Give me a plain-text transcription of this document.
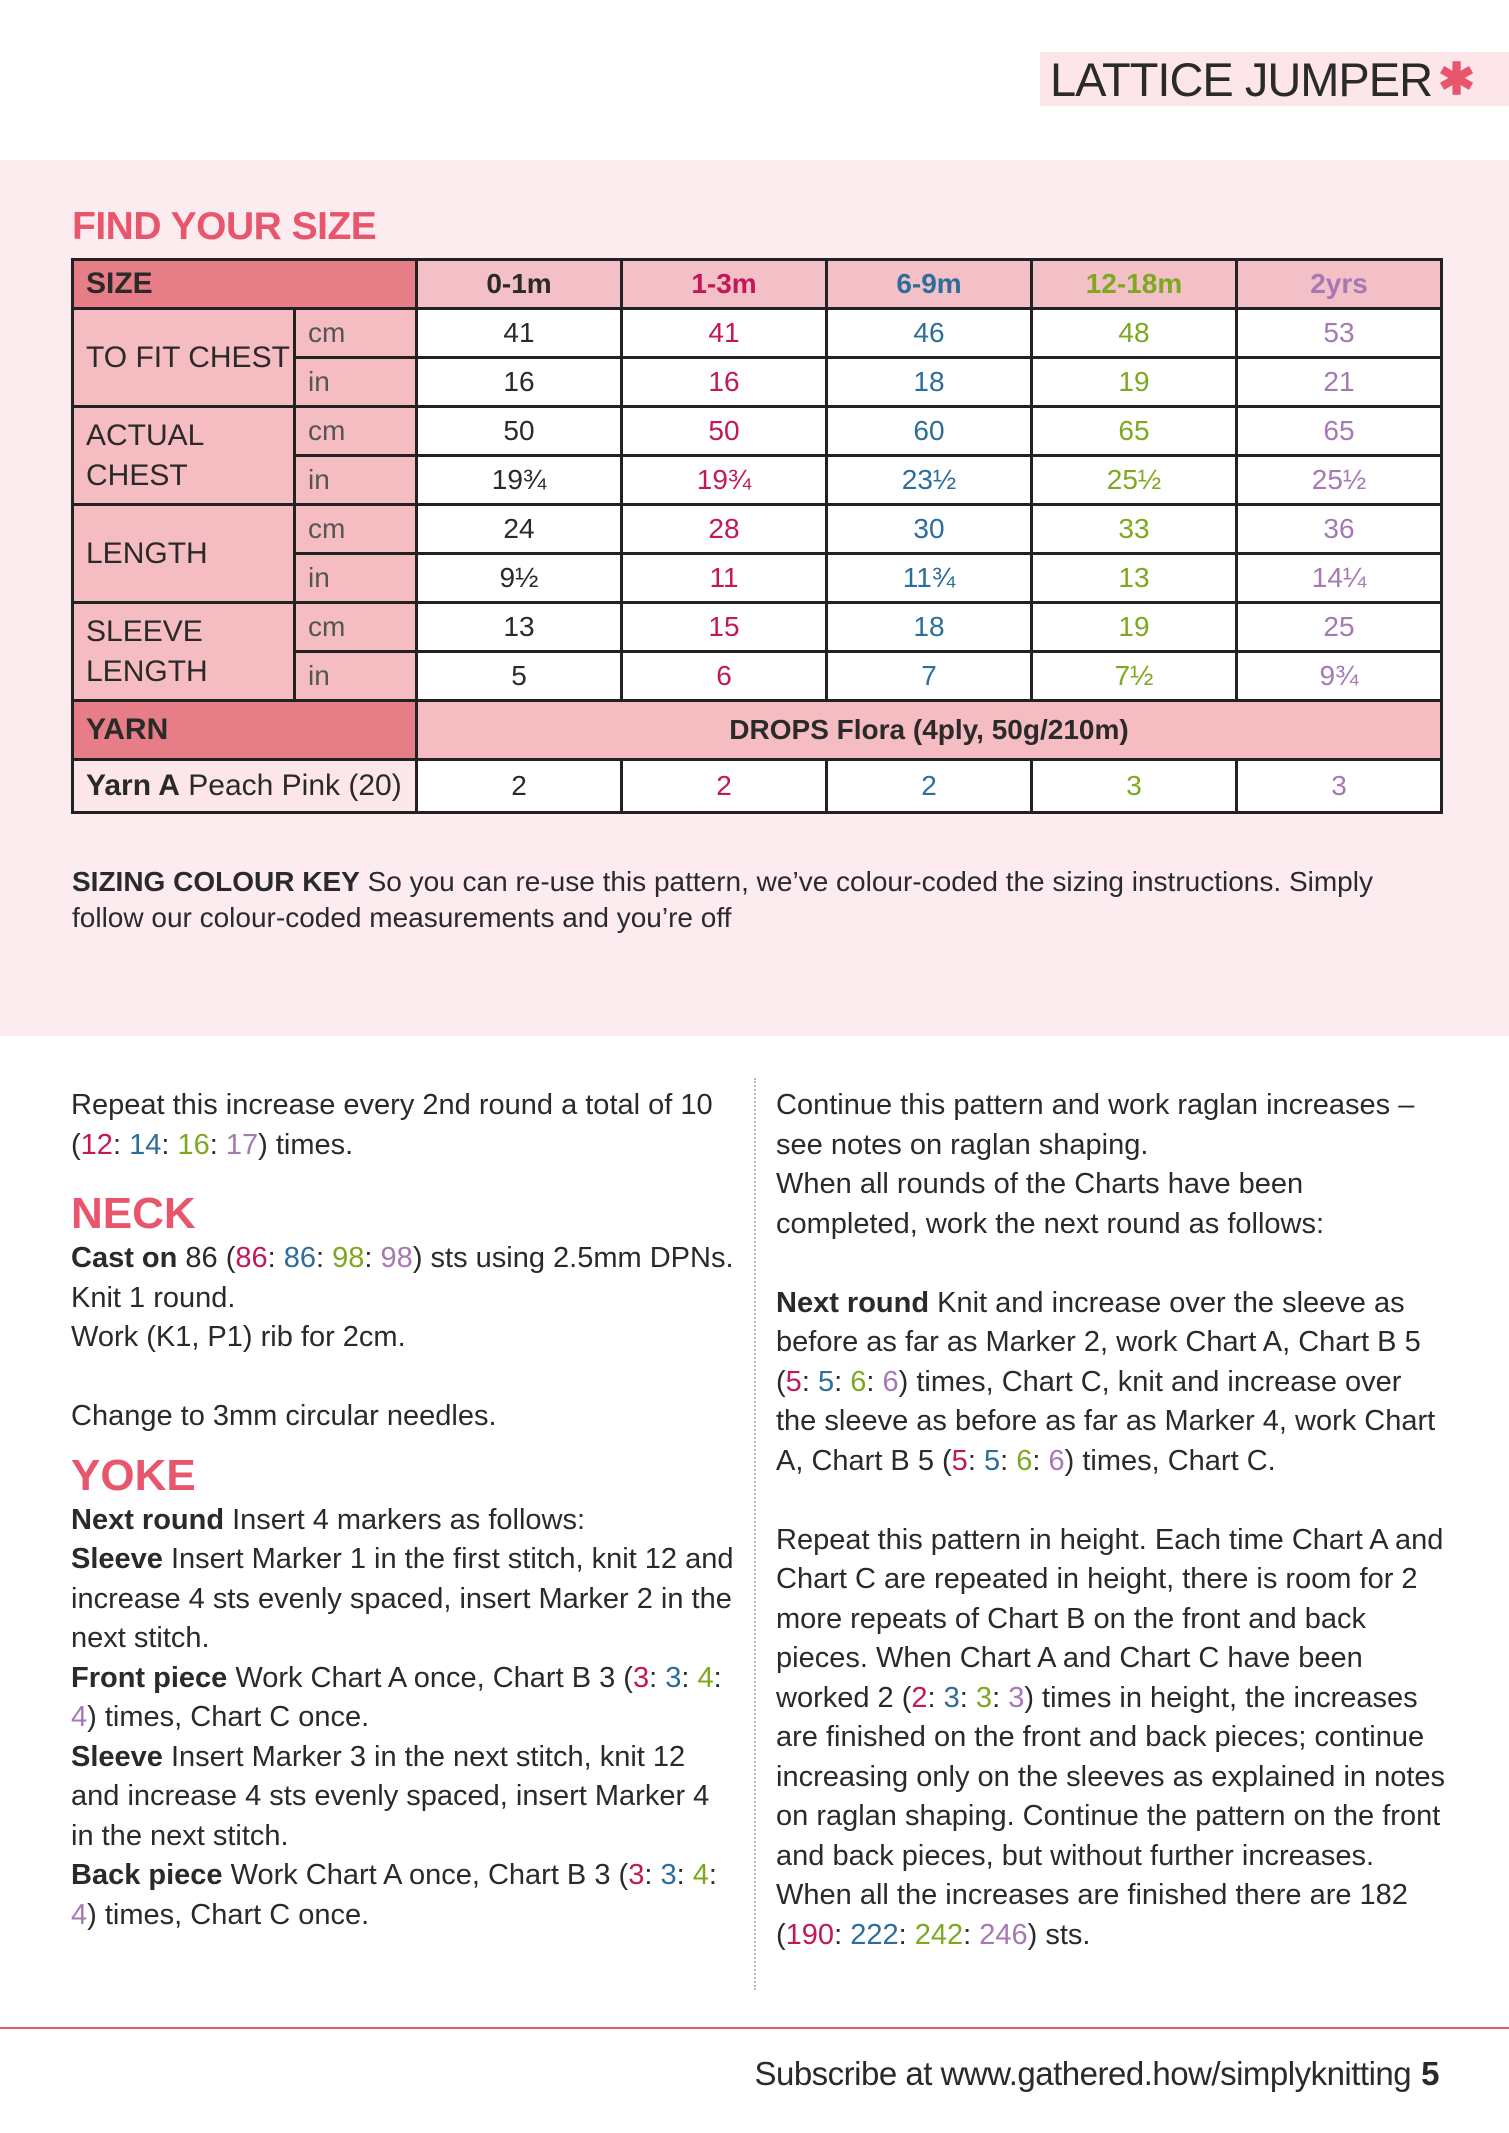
LATTICE JUMPER ✱
FIND YOUR SIZE
SIZE		0-1m	1-3m	6-9m	12-18m	2yrs
TO FIT CHEST	cm	41	41	46	48	53
	in	16	16	18	19	21
ACTUAL CHEST	cm	50	50	60	65	65
	in	19¾	19¾	23½	25½	25½
LENGTH	cm	24	28	30	33	36
	in	9½	11	11¾	13	14¼
SLEEVE LENGTH	cm	13	15	18	19	25
	in	5	6	7	7½	9¾
YARN		DROPS Flora (4ply, 50g/210m)				
Yarn A Peach Pink (20)		2	2	2	3	3
SIZING COLOUR KEY So you can re-use this pattern, we’ve colour-coded the sizing instructions. Simply follow our colour-coded measurements and you’re off

Repeat this increase every 2nd round a total of 10 (12: 14: 16: 17) times.

NECK

Cast on 86 (86: 86: 98: 98) sts using 2.5mm DPNs.

Knit 1 round.

Work (K1, P1) rib for 2cm.

Change to 3mm circular needles.

YOKE

Next round Insert 4 markers as follows:

Sleeve Insert Marker 1 in the first stitch, knit 12 and increase 4 sts evenly spaced, insert Marker 2 in the next stitch.

Front piece Work Chart A once, Chart B 3 (3: 3: 4: 4) times, Chart C once.

Sleeve Insert Marker 3 in the next stitch, knit 12 and increase 4 sts evenly spaced, insert Marker 4 in the next stitch.

Back piece Work Chart A once, Chart B 3 (3: 3: 4: 4) times, Chart C once.

Continue this pattern and work raglan increases – see notes on raglan shaping.

When all rounds of the Charts have been completed, work the next round as follows:

Next round Knit and increase over the sleeve as before as far as Marker 2, work Chart A, Chart B 5 (5: 5: 6: 6) times, Chart C, knit and increase over the sleeve as before as far as Marker 4, work Chart A, Chart B 5 (5: 5: 6: 6) times, Chart C.

Repeat this pattern in height. Each time Chart A and Chart C are repeated in height, there is room for 2 more repeats of Chart B on the front and back pieces. When Chart A and Chart C have been worked 2 (2: 3: 3: 3) times in height, the increases are finished on the front and back pieces; continue increasing only on the sleeves as explained in notes on raglan shaping. Continue the pattern on the front and back pieces, but without further increases.

When all the increases are finished there are 182 (190: 222: 242: 246) sts.

Subscribe at www.gathered.how/simplyknitting 5
